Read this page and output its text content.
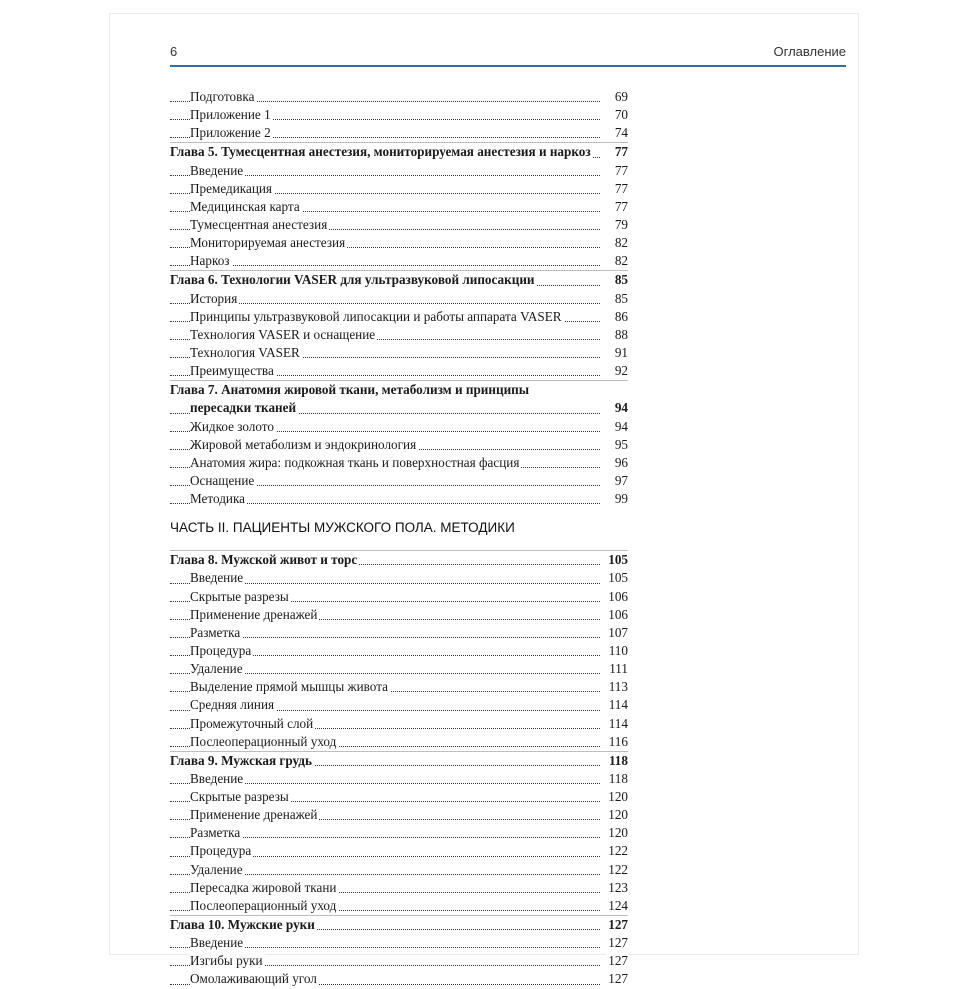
6	Оглавление
Подготовка	69
Приложение 1	70
Приложение 2	74
Глава 5. Тумесцентная анестезия, мониторируемая анестезия и наркоз 77
Введение	77
Премедикация	77
Медицинская карта	77
Тумесцентная анестезия	79
Мониторируемая анестезия	82
Наркоз	82
Глава 6. Технологии VASER для ультразвуковой липосакции	85
История	85
Принципы ультразвуковой липосакции и работы аппарата VASER	86
Технология VASER и оснащение	88
Технология VASER	91
Преимущества	92
Глава 7. Анатомия жировой ткани, метаболизм и принципы
пересадки тканей	94
Жидкое золото	94
Жировой метаболизм и эндокринология	95
Анатомия жира: подкожная ткань и поверхностная фасция	96
Оснащение	97
Методика	99
ЧАСТЬ II. ПАЦИЕНТЫ МУЖСКОГО ПОЛА. МЕТОДИКИ
Глава 8. Мужской живот и торс	105
Введение	105
Скрытые разрезы	106
Применение дренажей	106
Разметка	107
Процедура	110
Удаление	111
Выделение прямой мышцы живота	113
Средняя линия	114
Промежуточный слой	114
Послеоперационный уход	116
Глава 9. Мужская грудь	118
Введение	118
Скрытые разрезы	120
Применение дренажей	120
Разметка	120
Процедура	122
Удаление	122
Пересадка жировой ткани	123
Послеоперационный уход	124
Глава 10. Мужские руки	127
Введение	127
Изгибы руки	127
Омолаживающий угол	127
